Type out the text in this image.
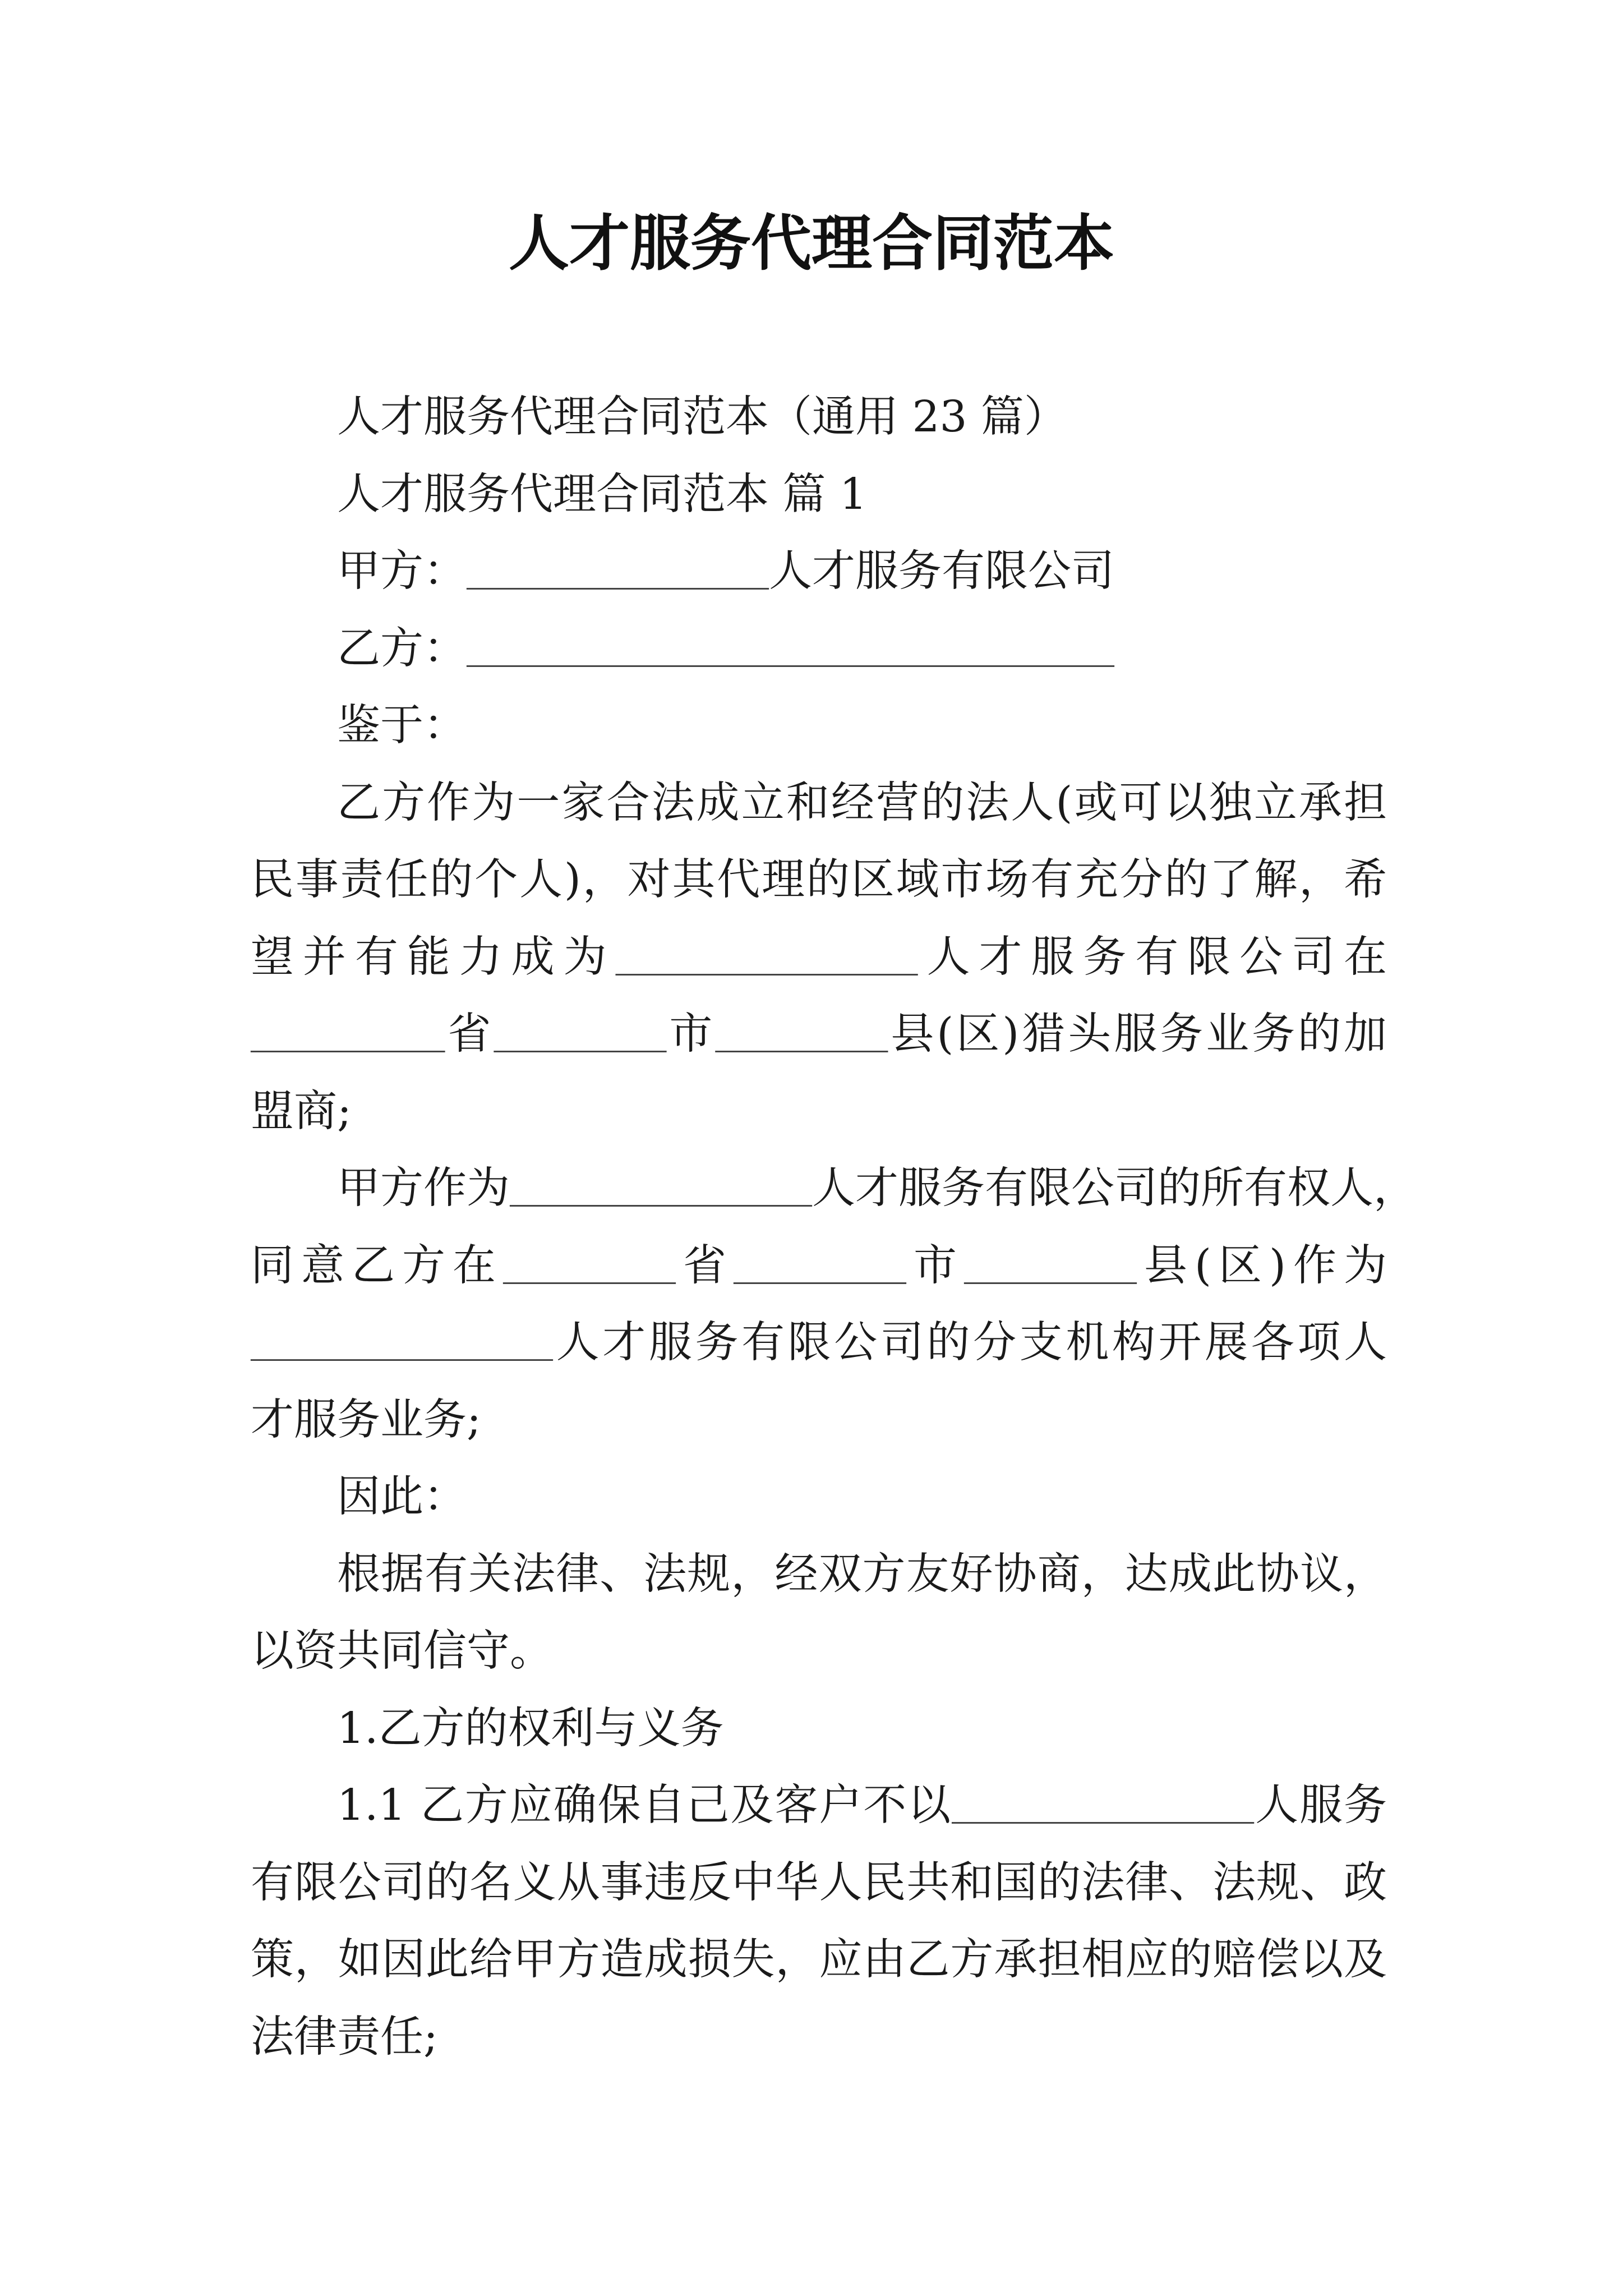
人才服务代理合同范本
人才服务代理合同范本（通用 23 篇）
人才服务代理合同范本 篇 1
甲方：______________人才服务有限公司
乙方：______________________________
鉴于：
乙方作为一家合法成立和经营的法人(或可以独立承担
民事责任的个人)，对其代理的区域市场有充分的了解，希
望并有能力成为______________人才服务有限公司在
_________省________市________县(区)猎头服务业务的加
盟商;
甲方作为______________人才服务有限公司的所有权人，
同意乙方在________省________市________县(区)作为
______________人才服务有限公司的分支机构开展各项人
才服务业务;
因此：
根据有关法律、法规，经双方友好协商，达成此协议，
以资共同信守。
1.乙方的权利与义务
1.1 乙方应确保自己及客户不以______________人服务
有限公司的名义从事违反中华人民共和国的法律、法规、政
策，如因此给甲方造成损失，应由乙方承担相应的赔偿以及
法律责任;
